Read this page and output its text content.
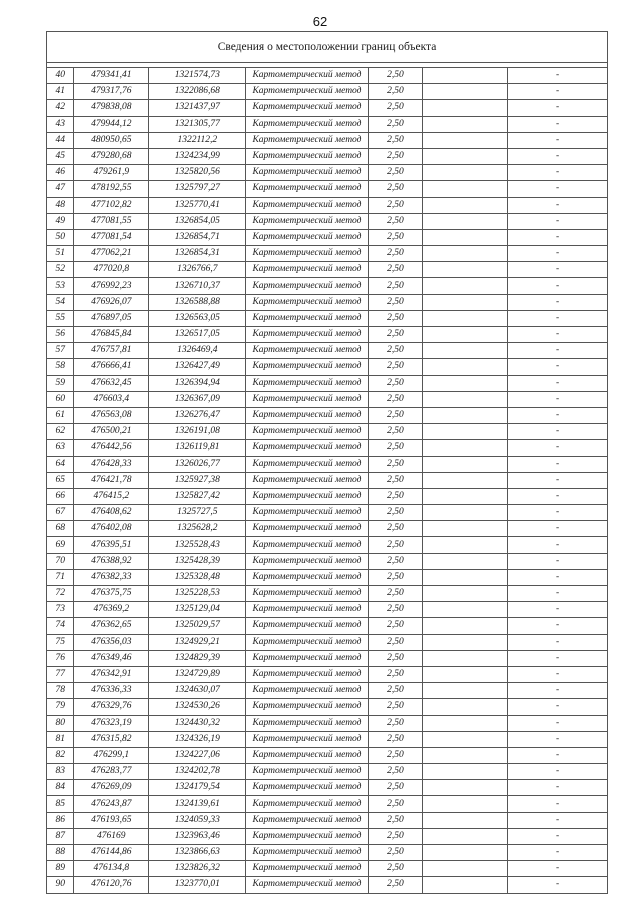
62
Сведения о местоположении границ объекта						

40	479341,41	1321574,73	Картометрический метод	2,50		-
41	479317,76	1322086,68	Картометрический метод	2,50		-
42	479838,08	1321437,97	Картометрический метод	2,50		-
43	479944,12	1321305,77	Картометрический метод	2,50		-
44	480950,65	1322112,2	Картометрический метод	2,50		-
45	479280,68	1324234,99	Картометрический метод	2,50		-
46	479261,9	1325820,56	Картометрический метод	2,50		-
47	478192,55	1325797,27	Картометрический метод	2,50		-
48	477102,82	1325770,41	Картометрический метод	2,50		-
49	477081,55	1326854,05	Картометрический метод	2,50		-
50	477081,54	1326854,71	Картометрический метод	2,50		-
51	477062,21	1326854,31	Картометрический метод	2,50		-
52	477020,8	1326766,7	Картометрический метод	2,50		-
53	476992,23	1326710,37	Картометрический метод	2,50		-
54	476926,07	1326588,88	Картометрический метод	2,50		-
55	476897,05	1326563,05	Картометрический метод	2,50		-
56	476845,84	1326517,05	Картометрический метод	2,50		-
57	476757,81	1326469,4	Картометрический метод	2,50		-
58	476666,41	1326427,49	Картометрический метод	2,50		-
59	476632,45	1326394,94	Картометрический метод	2,50		-
60	476603,4	1326367,09	Картометрический метод	2,50		-
61	476563,08	1326276,47	Картометрический метод	2,50		-
62	476500,21	1326191,08	Картометрический метод	2,50		-
63	476442,56	1326119,81	Картометрический метод	2,50		-
64	476428,33	1326026,77	Картометрический метод	2,50		-
65	476421,78	1325927,38	Картометрический метод	2,50		-
66	476415,2	1325827,42	Картометрический метод	2,50		-
67	476408,62	1325727,5	Картометрический метод	2,50		-
68	476402,08	1325628,2	Картометрический метод	2,50		-
69	476395,51	1325528,43	Картометрический метод	2,50		-
70	476388,92	1325428,39	Картометрический метод	2,50		-
71	476382,33	1325328,48	Картометрический метод	2,50		-
72	476375,75	1325228,53	Картометрический метод	2,50		-
73	476369,2	1325129,04	Картометрический метод	2,50		-
74	476362,65	1325029,57	Картометрический метод	2,50		-
75	476356,03	1324929,21	Картометрический метод	2,50		-
76	476349,46	1324829,39	Картометрический метод	2,50		-
77	476342,91	1324729,89	Картометрический метод	2,50		-
78	476336,33	1324630,07	Картометрический метод	2,50		-
79	476329,76	1324530,26	Картометрический метод	2,50		-
80	476323,19	1324430,32	Картометрический метод	2,50		-
81	476315,82	1324326,19	Картометрический метод	2,50		-
82	476299,1	1324227,06	Картометрический метод	2,50		-
83	476283,77	1324202,78	Картометрический метод	2,50		-
84	476269,09	1324179,54	Картометрический метод	2,50		-
85	476243,87	1324139,61	Картометрический метод	2,50		-
86	476193,65	1324059,33	Картометрический метод	2,50		-
87	476169	1323963,46	Картометрический метод	2,50		-
88	476144,86	1323866,63	Картометрический метод	2,50		-
89	476134,8	1323826,32	Картометрический метод	2,50		-
90	476120,76	1323770,01	Картометрический метод	2,50		-
